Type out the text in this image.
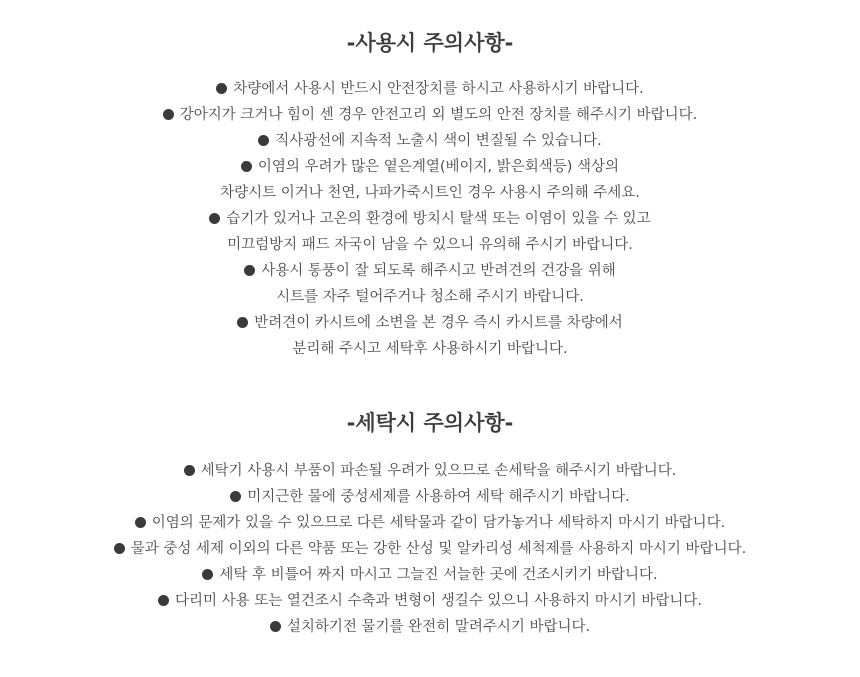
-사용시 주의사항-
차량에서 사용시 반드시 안전장치를 하시고 사용하시기 바랍니다.
강아지가 크거나 힘이 센 경우 안전고리 외 별도의 안전 장치를 해주시기 바랍니다.
직사광선에 지속적 노출시 색이 변질될 수 있습니다.
이염의 우려가 많은 옅은계열(베이지, 밝은회색등) 색상의
차량시트 이거나 천연, 나파가죽시트인 경우 사용시 주의해 주세요.
습기가 있거나 고온의 환경에 방치시 탈색 또는 이염이 있을 수 있고
미끄럼방지 패드 자국이 남을 수 있으니 유의해 주시기 바랍니다.
사용시 통풍이 잘 되도록 해주시고 반려견의 건강을 위해
시트를 자주 털어주거나 청소해 주시기 바랍니다.
반려견이 카시트에 소변을 본 경우 즉시 카시트를 차량에서
분리해 주시고 세탁후 사용하시기 바랍니다.
-세탁시 주의사항-
세탁기 사용시 부품이 파손될 우려가 있으므로 손세탁을 해주시기 바랍니다.
미지근한 물에 중성세제를 사용하여 세탁 해주시기 바랍니다.
이염의 문제가 있을 수 있으므로 다른 세탁물과 같이 담가놓거나 세탁하지 마시기 바랍니다.
물과 중성 세제 이외의 다른 약품 또는 강한 산성 및 알카리성 세척제를 사용하지 마시기 바랍니다.
세탁 후 비틀어 짜지 마시고 그늘진 서늘한 곳에 건조시키기 바랍니다.
다리미 사용 또는 열건조시 수축과 변형이 생길수 있으니 사용하지 마시기 바랍니다.
설치하기전 물기를 완전히 말려주시기 바랍니다.
